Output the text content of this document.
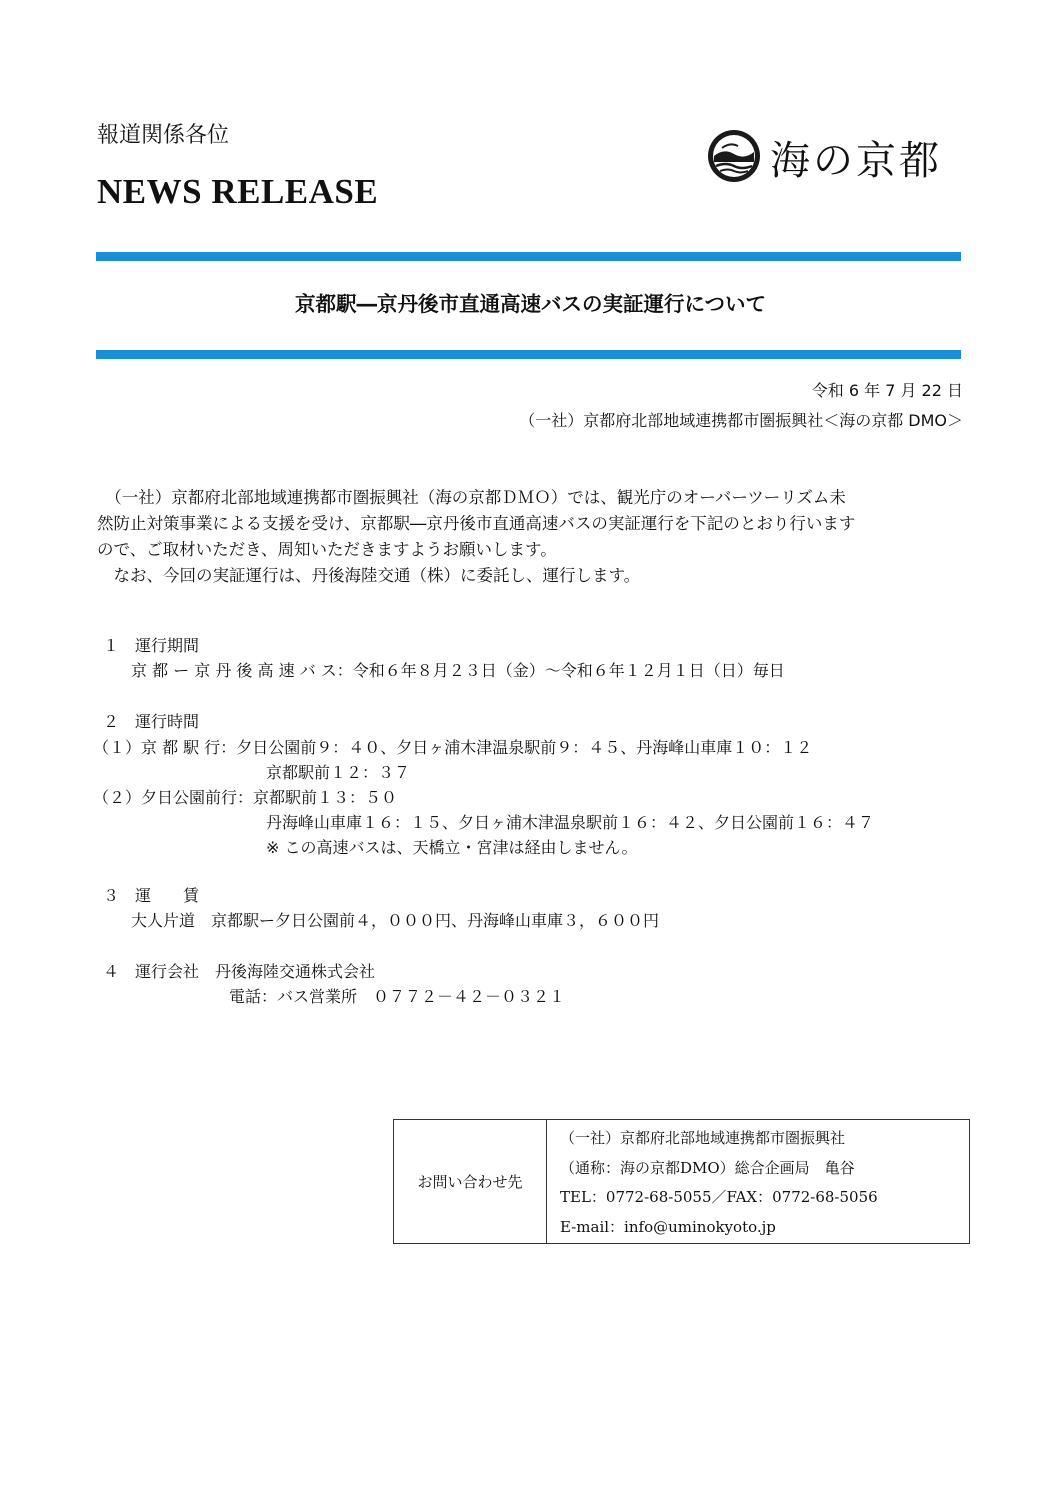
報道関係各位
NEWS RELEASE

海の京都

京都駅―京丹後市直通高速バスの実証運行について
令和 6 年 7 月 22 日
（一社）京都府北部地域連携都市圏振興社＜海の京都 DMO＞
　（一社）京都府北部地域連携都市圏振興社（海の京都ＤＭＯ）では、観光庁のオーバーツーリズム未
然防止対策事業による支援を受け、京都駅―京丹後市直通高速バスの実証運行を下記のとおり行います
ので、ご取材いただき、周知いただきますようお願いします。
　なお、今回の実証運行は、丹後海陸交通（株）に委託し、運行します。
１　運行期間
京 都 ー 京 丹 後 高 速 バ ス：令和６年８月２３日（金）～令和６年１２月１日（日）毎日
２　運行時間
（１）京 都 駅 行：夕日公園前９：４０、夕日ヶ浦木津温泉駅前９：４５、丹海峰山車庫１０：１２
京都駅前１２：３７
（２）夕日公園前行：京都駅前１３：５０
丹海峰山車庫１６：１５、夕日ヶ浦木津温泉駅前１６：４２、夕日公園前１６：４７
※ この高速バスは、天橋立・宮津は経由しません。
３　運　　賃
大人片道　京都駅ー夕日公園前４，０００円、丹海峰山車庫３，６００円
４　運行会社　丹後海陸交通株式会社
電話：バス営業所　０７７２－４２－０３２１
お問い合わせ先
（一社）京都府北部地域連携都市圏振興社
（通称：海の京都DMO）総合企画局　亀谷
TEL：0772-68-5055／FAX：0772-68-5056
E-mail：info@uminokyoto.jp
